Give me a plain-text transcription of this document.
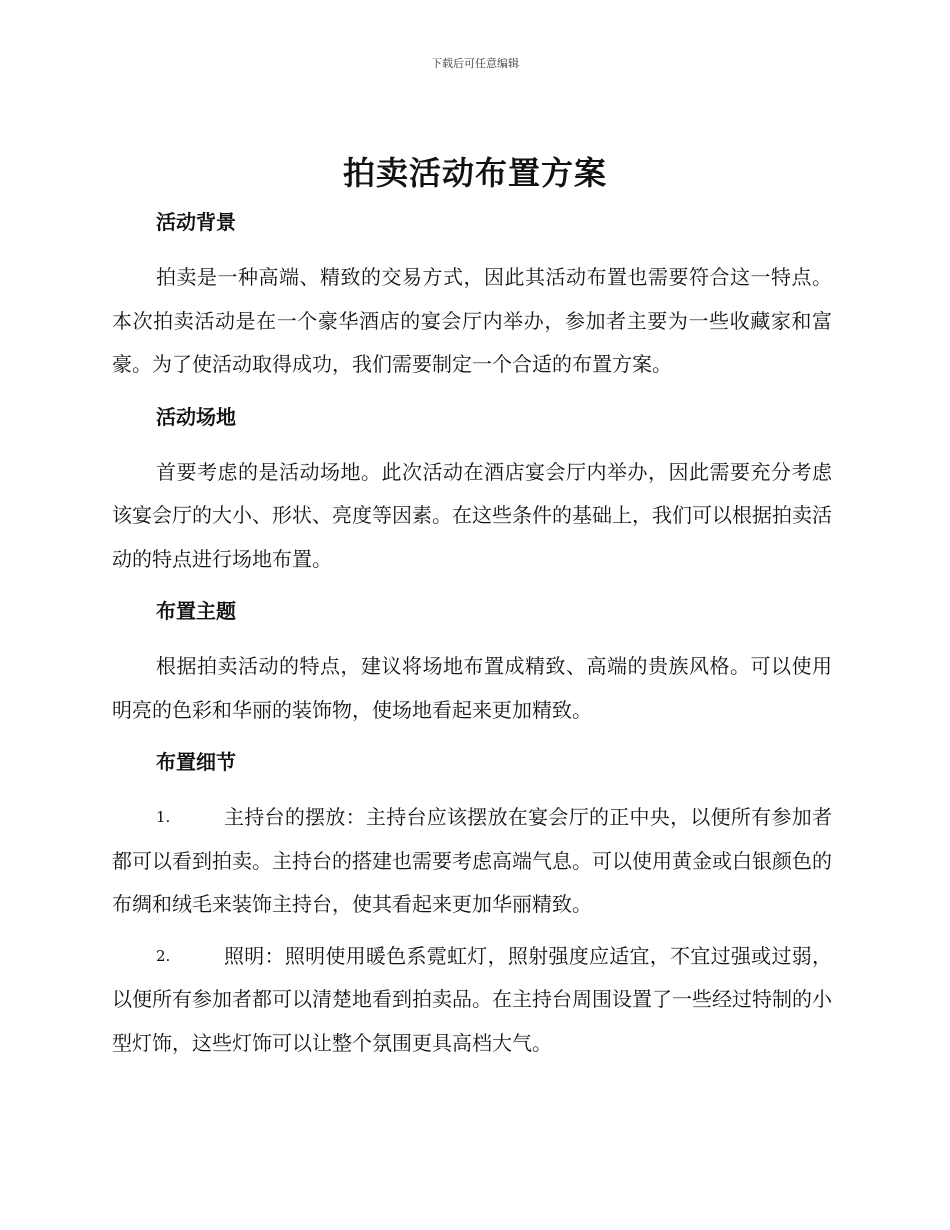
下载后可任意编辑
拍卖活动布置方案
活动背景

拍卖是一种高端、精致的交易方式，因此其活动布置也需要符合这一特点。本次拍卖活动是在一个豪华酒店的宴会厅内举办，参加者主要为一些收藏家和富豪。为了使活动取得成功，我们需要制定一个合适的布置方案。

活动场地

首要考虑的是活动场地。此次活动在酒店宴会厅内举办，因此需要充分考虑该宴会厅的大小、形状、亮度等因素。在这些条件的基础上，我们可以根据拍卖活动的特点进行场地布置。

布置主题

根据拍卖活动的特点，建议将场地布置成精致、高端的贵族风格。可以使用明亮的色彩和华丽的装饰物，使场地看起来更加精致。

布置细节

1.	主持台的摆放：主持台应该摆放在宴会厅的正中央，以便所有参加者都可以看到拍卖。主持台的搭建也需要考虑高端气息。可以使用黄金或白银颜色的布绸和绒毛来装饰主持台，使其看起来更加华丽精致。

2.	照明：照明使用暖色系霓虹灯，照射强度应适宜，不宜过强或过弱，以便所有参加者都可以清楚地看到拍卖品。在主持台周围设置了一些经过特制的小型灯饰，这些灯饰可以让整个氛围更具高档大气。
